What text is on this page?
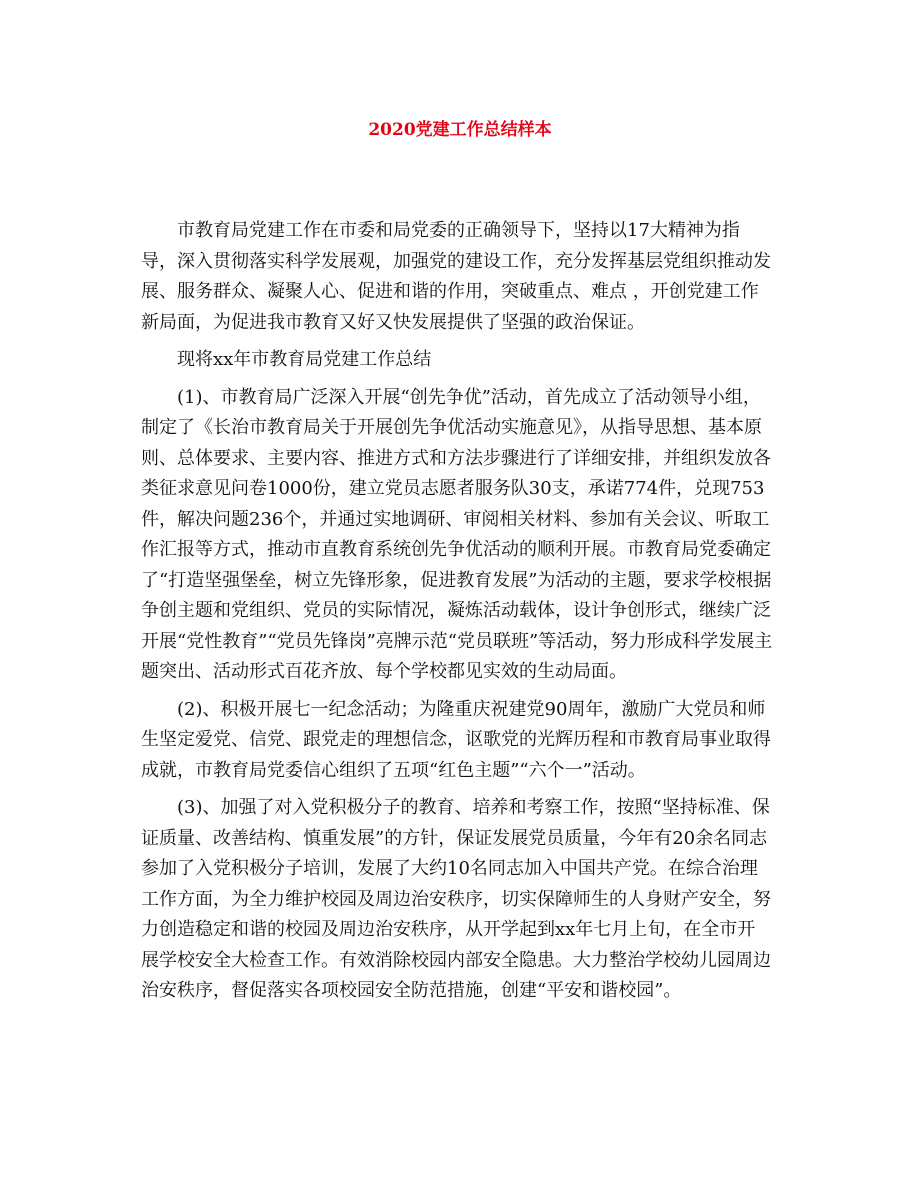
2020党建工作总结样本

市教育局党建工作在市委和局党委的正确领导下，坚持以17大精神为指导，深入贯彻落实科学发展观，加强党的建设工作，充分发挥基层党组织推动发展、服务群众、凝聚人心、促进和谐的作用，突破重点、难点 ，开创党建工作新局面，为促进我市教育又好又快发展提供了坚强的政治保证。

现将xx年市教育局党建工作总结

(1)、市教育局广泛深入开展“创先争优”活动，首先成立了活动领导小组，制定了《长治市教育局关于开展创先争优活动实施意见》，从指导思想、基本原则、总体要求、主要内容、推进方式和方法步骤进行了详细安排，并组织发放各类征求意见问卷1000份，建立党员志愿者服务队30支，承诺774件，兑现753件，解决问题236个，并通过实地调研、审阅相关材料、参加有关会议、听取工作汇报等方式，推动市直教育系统创先争优活动的顺利开展。市教育局党委确定了“打造坚强堡垒，树立先锋形象，促进教育发展”为活动的主题，要求学校根据争创主题和党组织、党员的实际情况，凝炼活动载体，设计争创形式，继续广泛开展“党性教育”“党员先锋岗”亮牌示范“党员联班”等活动，努力形成科学发展主题突出、活动形式百花齐放、每个学校都见实效的生动局面。

(2)、积极开展七一纪念活动；为隆重庆祝建党90周年，激励广大党员和师生坚定爱党、信党、跟党走的理想信念，讴歌党的光辉历程和市教育局事业取得成就，市教育局党委信心组织了五项“红色主题”“六个一”活动。

(3)、加强了对入党积极分子的教育、培养和考察工作，按照“坚持标准、保证质量、改善结构、慎重发展”的方针，保证发展党员质量，今年有20余名同志参加了入党积极分子培训，发展了大约10名同志加入中国共产党。在综合治理工作方面，为全力维护校园及周边治安秩序，切实保障师生的人身财产安全，努力创造稳定和谐的校园及周边治安秩序，从开学起到xx年七月上旬，在全市开展学校安全大检查工作。有效消除校园内部安全隐患。大力整治学校幼儿园周边治安秩序，督促落实各项校园安全防范措施，创建“平安和谐校园”。
